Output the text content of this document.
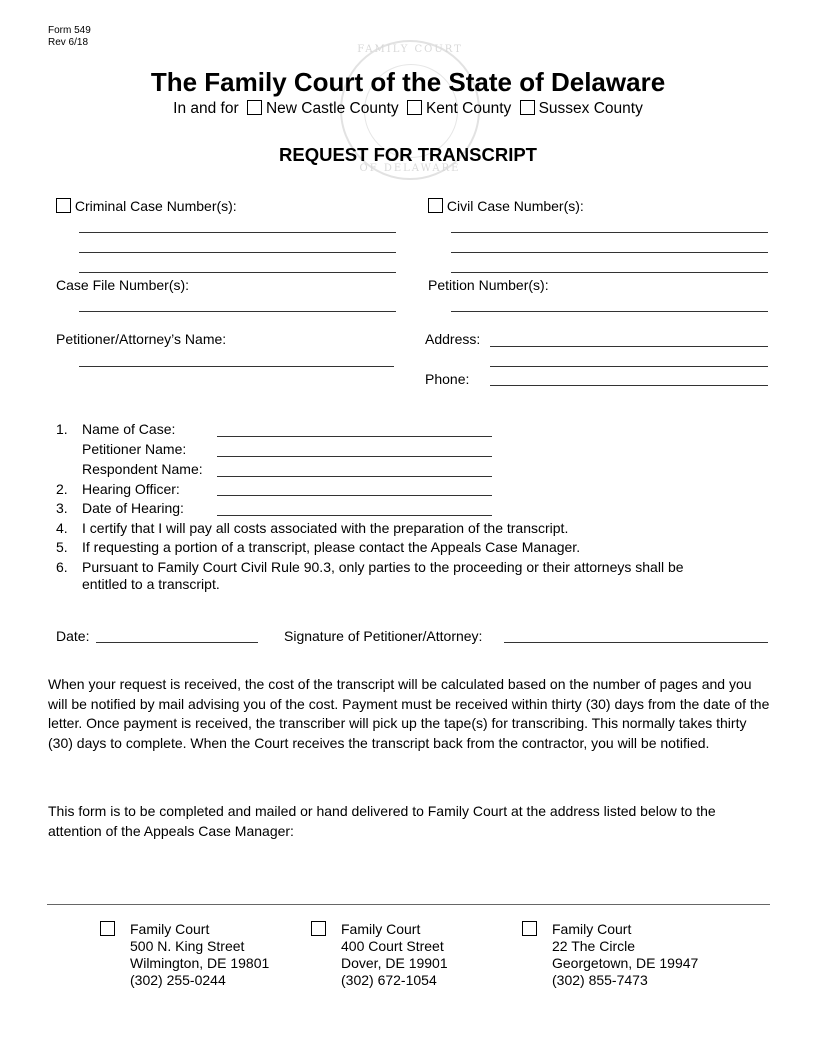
Form 549
Rev 6/18
FAMILY COURT
OF DELAWARE
The Family Court of the State of Delaware
In and for New Castle County Kent County Sussex County
REQUEST FOR TRANSCRIPT
Criminal Case Number(s):	Civil Case Number(s):
Case File Number(s):	Petition Number(s):
Petitioner/Attorney’s Name:	Address:
Phone:
1.	Name of Case:
Petitioner Name:
Respondent Name:
2.	Hearing Officer:
3.	Date of Hearing:
4.	I certify that I will pay all costs associated with the preparation of the transcript.
5.	If requesting a portion of a transcript, please contact the Appeals Case Manager.
6.	Pursuant to Family Court Civil Rule 90.3, only parties to the proceeding or their attorneys shall be entitled to a transcript.
Date:	Signature of Petitioner/Attorney:
When your request is received, the cost of the transcript will be calculated based on the number of pages and you will be notified by mail advising you of the cost. Payment must be received within thirty (30) days from the date of the letter. Once payment is received, the transcriber will pick up the tape(s) for transcribing. This normally takes thirty (30) days to complete. When the Court receives the transcript back from the contractor, you will be notified.
This form is to be completed and mailed or hand delivered to Family Court at the address listed below to the attention of the Appeals Case Manager:
Family Court
500 N. King Street
Wilmington, DE 19801
(302) 255-0244
Family Court
400 Court Street
Dover, DE 19901
(302) 672-1054
Family Court
22 The Circle
Georgetown, DE 19947
(302) 855-7473
